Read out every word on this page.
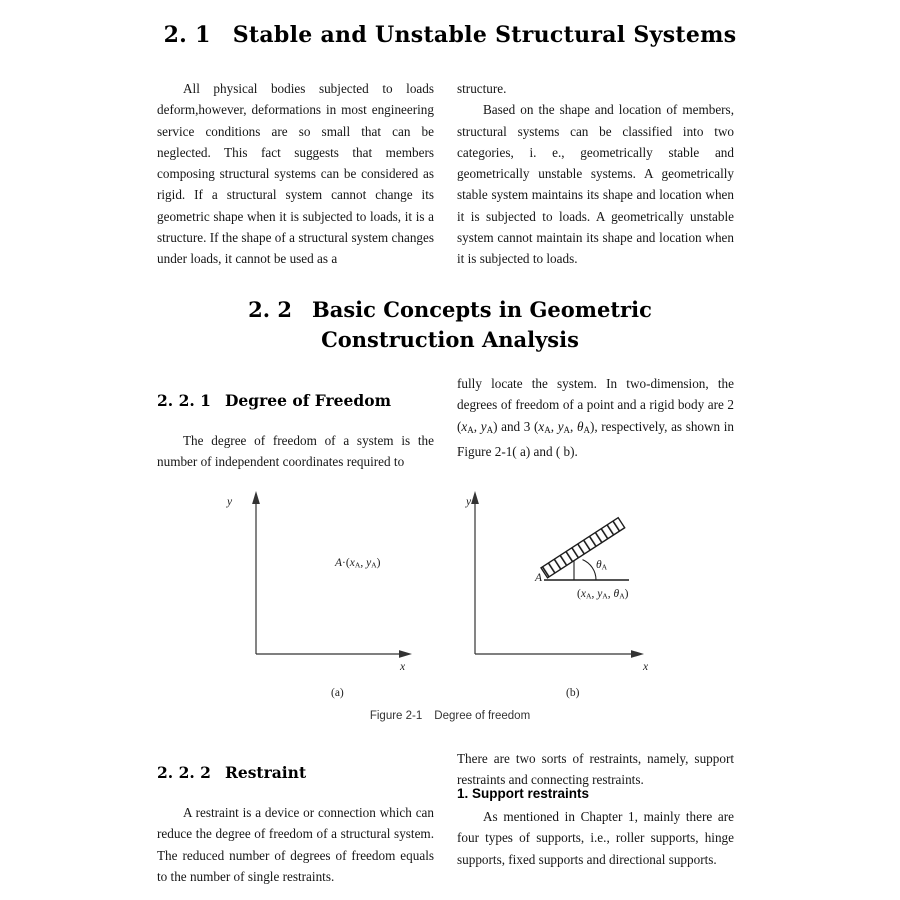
2. 1 Stable and Unstable Structural Systems

All physical bodies subjected to loads deform,however, deformations in most engineering service conditions are so small that can be neglected. This fact suggests that members composing structural systems can be considered as rigid. If a structural system cannot change its geometric shape when it is subjected to loads, it is a structure. If the shape of a structural system changes under loads, it cannot be used as a

structure.

Based on the shape and location of members, structural systems can be classified into two categories, i. e., geometrically stable and geometrically unstable systems. A geometrically stable system maintains its shape and location when it is subjected to loads. A geometrically unstable system cannot maintain its shape and location when it is subjected to loads.

2. 2 Basic Concepts in Geometric
Construction Analysis
2. 2. 1 Degree of Freedom

The degree of freedom of a system is the number of independent coordinates required to

fully locate the system. In two-dimension, the degrees of freedom of a point and a rigid body are 2 ($x_A$, $y_A$) and 3 ($x_A$, $y_A$, $\theta_A$), respectively, as shown in Figure 2-1( a) and ( b).

y
x
$A\cdot(x_A$, $y_A$)
(a)
y
x
A
$\theta_A$
($x_A$, $y_A$, $\theta_A$)
(b)
Figure 2-1 Degree of freedom
2. 2. 2 Restraint

A restraint is a device or connection which can reduce the degree of freedom of a structural system. The reduced number of degrees of freedom equals to the number of single restraints.

There are two sorts of restraints, namely, support restraints and connecting restraints.

1. Support restraints

As mentioned in Chapter 1, mainly there are four types of supports, i.e., roller supports, hinge supports, fixed supports and directional supports.
